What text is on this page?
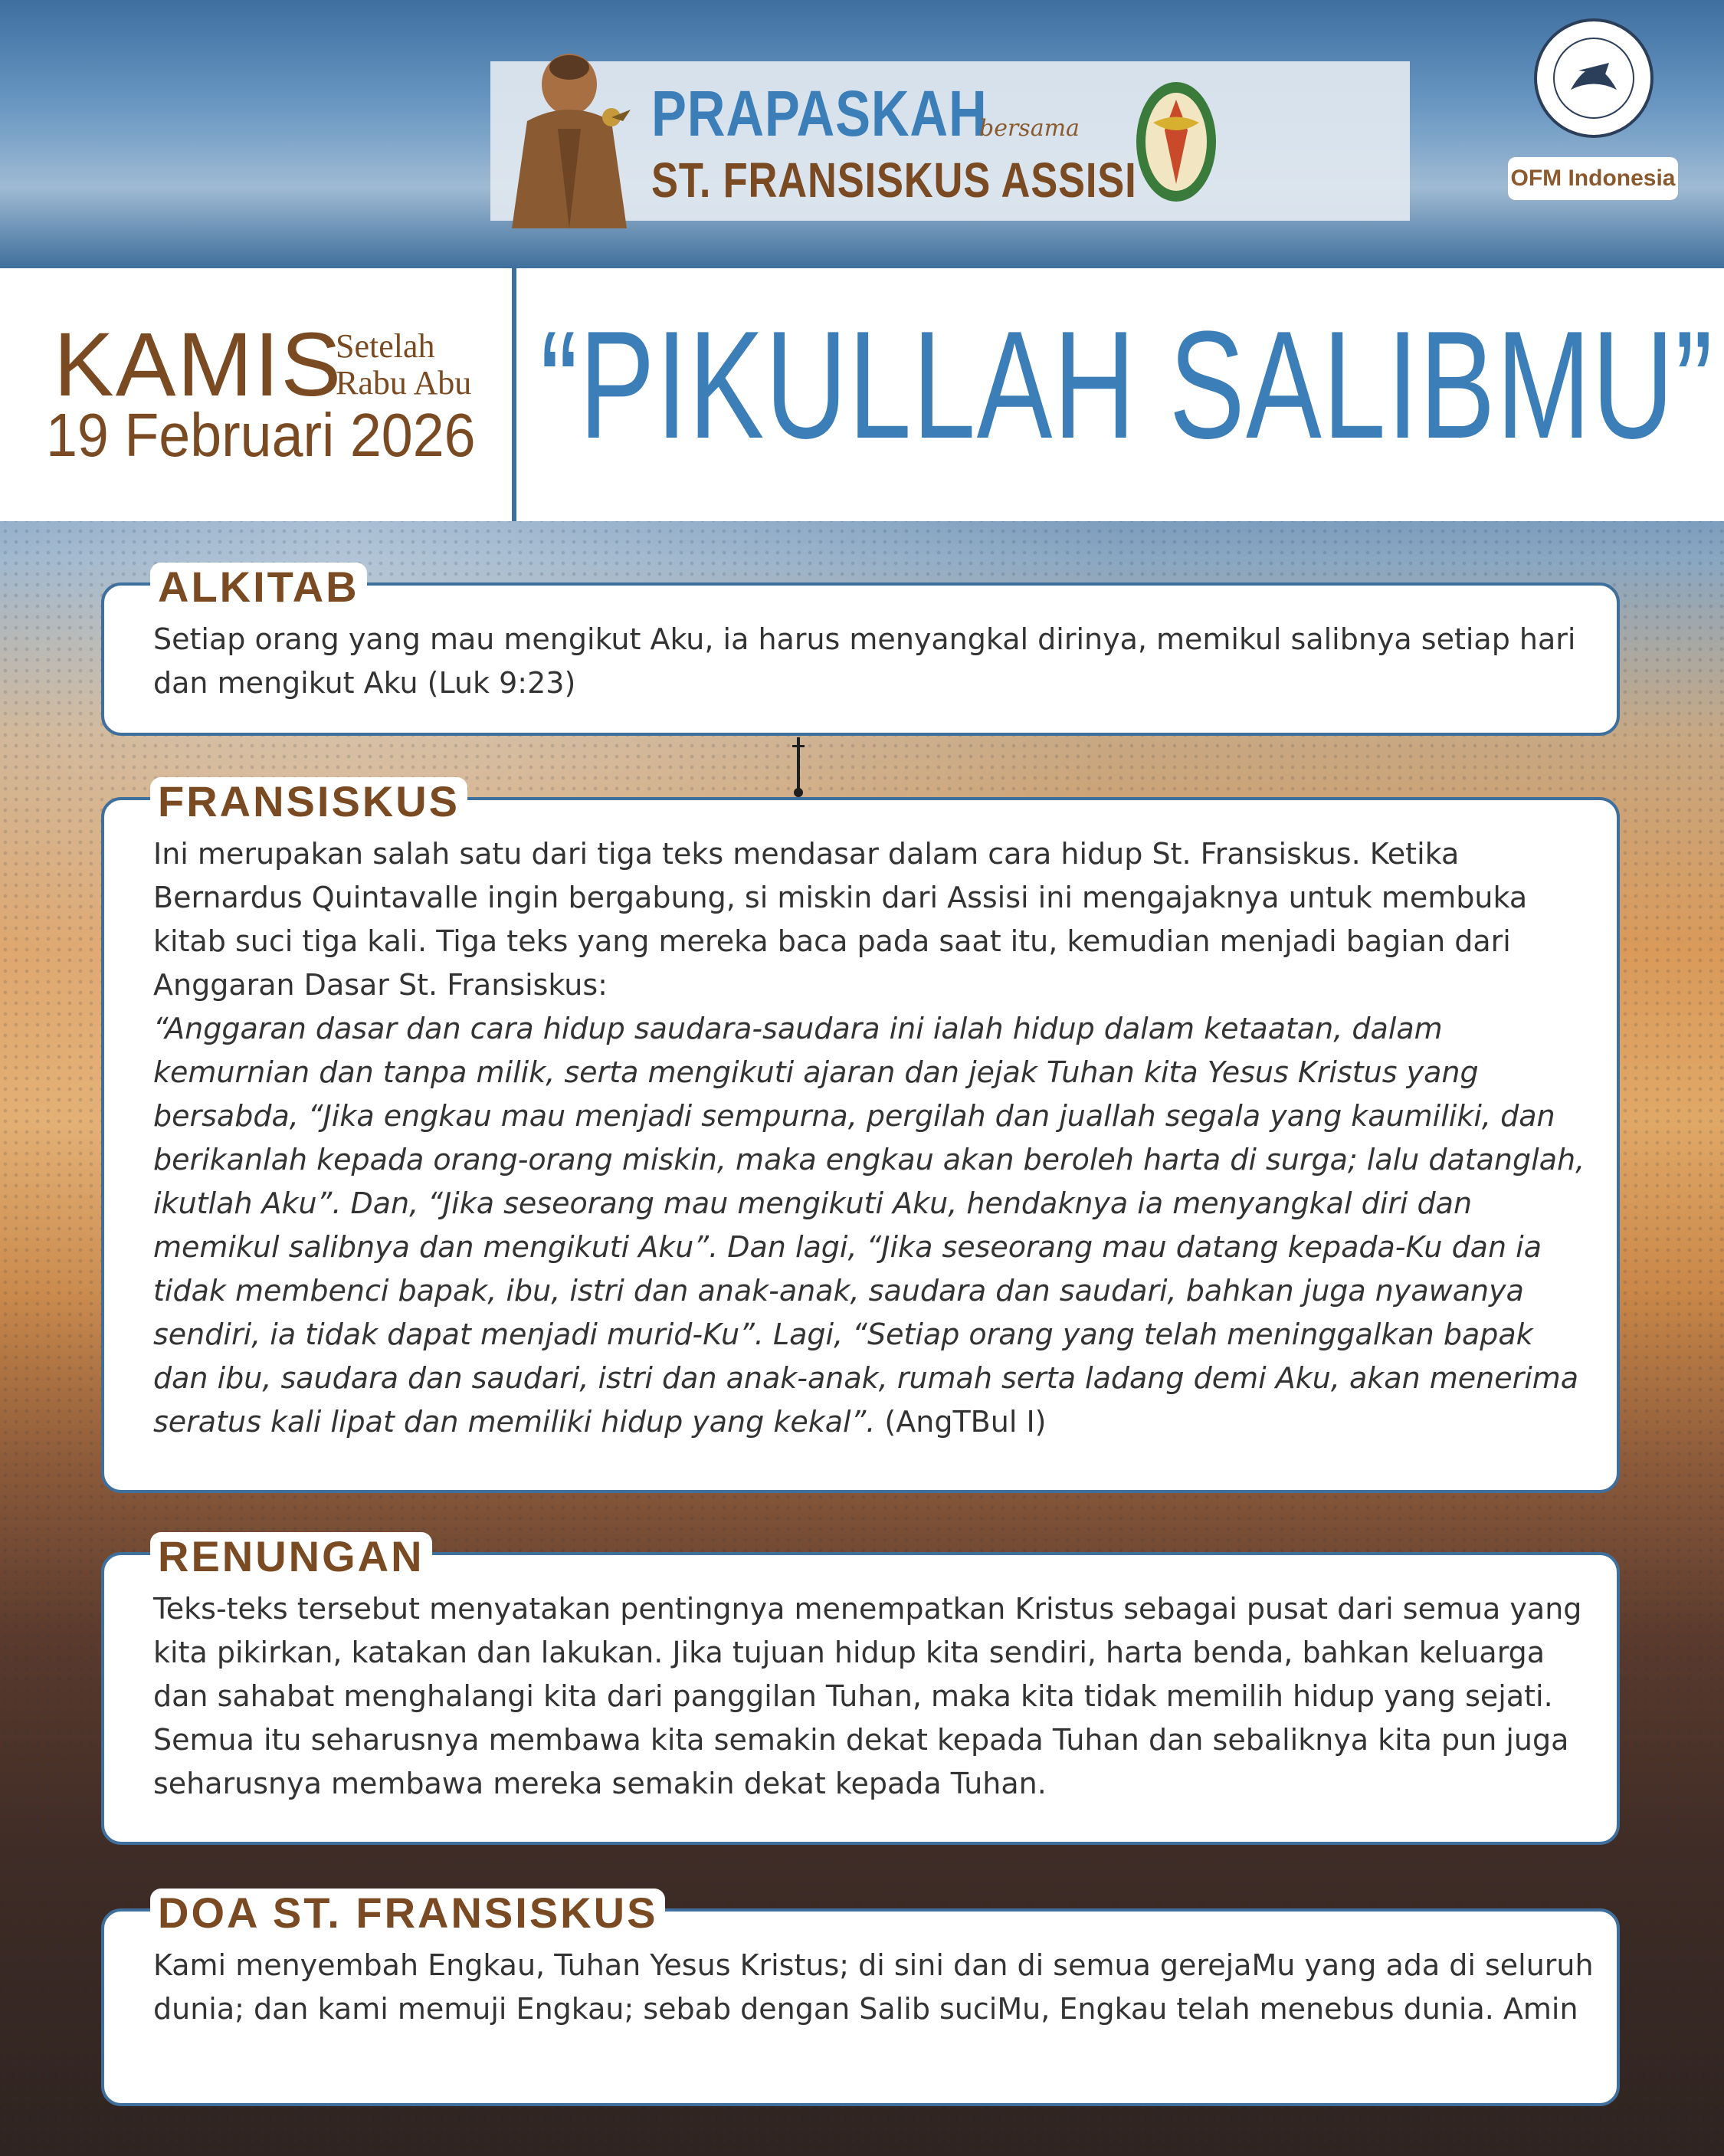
PRAPASKAH
bersama
ST. FRANSISKUS ASSISI	OFM Indonesia
KAMIS
Setelah Rabu Abu
19 Februari 2026 “PIKULLAH SALIBMU”
ALKITAB

Setiap orang yang mau mengikut Aku, ia harus menyangkal dirinya, memikul salibnya setiap hari dan mengikut Aku (Luk 9:23)

FRANSISKUS

Ini merupakan salah satu dari tiga teks mendasar dalam cara hidup St. Fransiskus. Ketika Bernardus Quintavalle ingin bergabung, si miskin dari Assisi ini mengajaknya untuk membuka kitab suci tiga kali. Tiga teks yang mereka baca pada saat itu, kemudian menjadi bagian dari Anggaran Dasar St. Fransiskus:

“Anggaran dasar dan cara hidup saudara-saudara ini ialah hidup dalam ketaatan, dalam kemurnian dan tanpa milik, serta mengikuti ajaran dan jejak Tuhan kita Yesus Kristus yang bersabda, “Jika engkau mau menjadi sempurna, pergilah dan juallah segala yang kaumiliki, dan berikanlah kepada orang-orang miskin, maka engkau akan beroleh harta di surga; lalu datanglah, ikutlah Aku”. Dan, “Jika seseorang mau mengikuti Aku, hendaknya ia menyangkal diri dan memikul salibnya dan mengikuti Aku”. Dan lagi, “Jika seseorang mau datang kepada-Ku dan ia tidak membenci bapak, ibu, istri dan anak-anak, saudara dan saudari, bahkan juga nyawanya sendiri, ia tidak dapat menjadi murid-Ku”. Lagi, “Setiap orang yang telah meninggalkan bapak dan ibu, saudara dan saudari, istri dan anak-anak, rumah serta ladang demi Aku, akan menerima seratus kali lipat dan memiliki hidup yang kekal”. (AngTBul I)

RENUNGAN

Teks-teks tersebut menyatakan pentingnya menempatkan Kristus sebagai pusat dari semua yang kita pikirkan, katakan dan lakukan. Jika tujuan hidup kita sendiri, harta benda, bahkan keluarga dan sahabat menghalangi kita dari panggilan Tuhan, maka kita tidak memilih hidup yang sejati. Semua itu seharusnya membawa kita semakin dekat kepada Tuhan dan sebaliknya kita pun juga seharusnya membawa mereka semakin dekat kepada Tuhan.

DOA ST. FRANSISKUS

Kami menyembah Engkau, Tuhan Yesus Kristus; di sini dan di semua gerejaMu yang ada di seluruh dunia; dan kami memuji Engkau; sebab dengan Salib suciMu, Engkau telah menebus dunia. Amin
